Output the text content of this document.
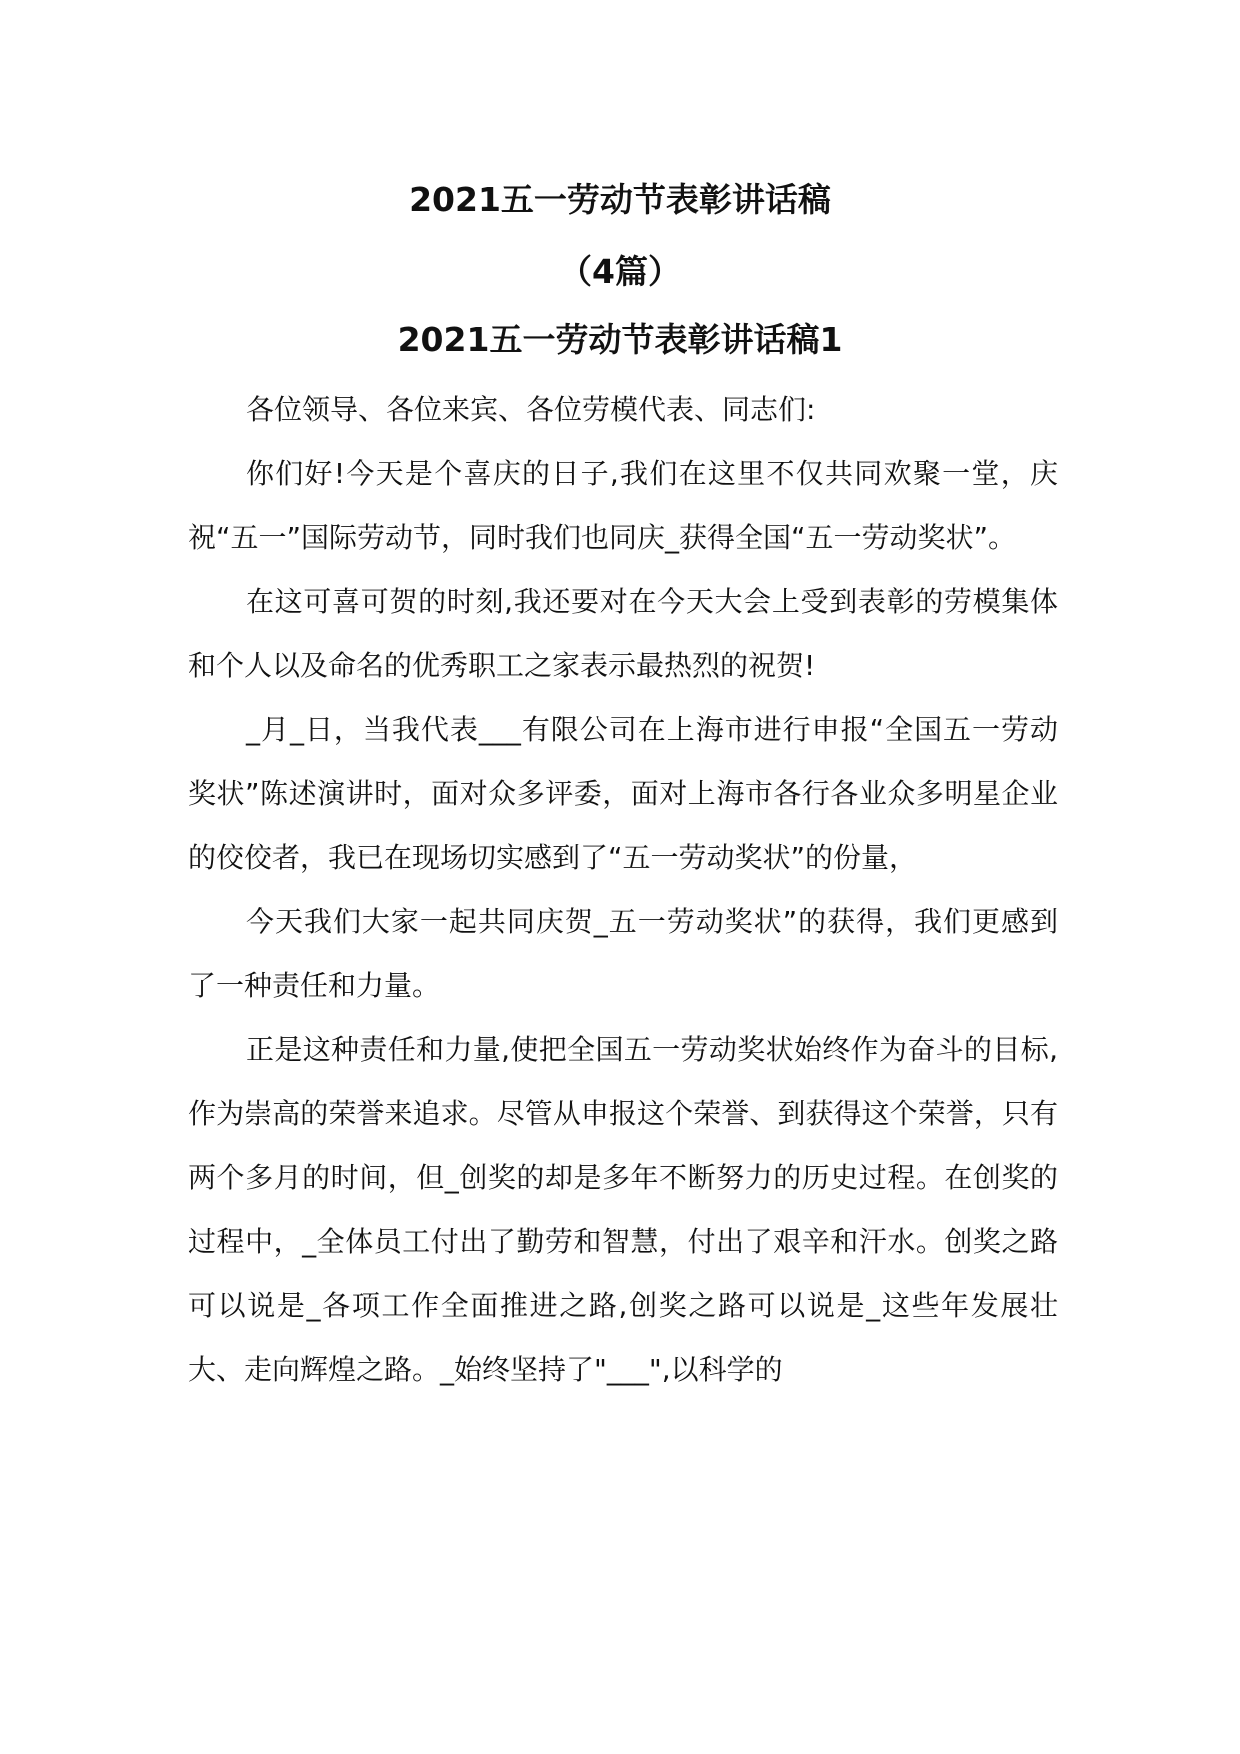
2021五一劳动节表彰讲话稿
（4篇）
2021五一劳动节表彰讲话稿1

各位领导、各位来宾、各位劳模代表、同志们:

你们好!今天是个喜庆的日子,我们在这里不仅共同欢聚一堂，庆祝“五一”国际劳动节，同时我们也同庆_获得全国“五一劳动奖状”。

在这可喜可贺的时刻,我还要对在今天大会上受到表彰的劳模集体和个人以及命名的优秀职工之家表示最热烈的祝贺!

_月_日，当我代表___有限公司在上海市进行申报“全国五一劳动奖状”陈述演讲时，面对众多评委，面对上海市各行各业众多明星企业的佼佼者，我已在现场切实感到了“五一劳动奖状”的份量，

今天我们大家一起共同庆贺_五一劳动奖状”的获得，我们更感到了一种责任和力量。

正是这种责任和力量,使把全国五一劳动奖状始终作为奋斗的目标,作为崇高的荣誉来追求。尽管从申报这个荣誉、到获得这个荣誉，只有两个多月的时间，但_创奖的却是多年不断努力的历史过程。在创奖的过程中，_全体员工付出了勤劳和智慧，付出了艰辛和汗水。创奖之路可以说是_各项工作全面推进之路,创奖之路可以说是_这些年发展壮大、走向辉煌之路。_始终坚持了"___",以科学的
